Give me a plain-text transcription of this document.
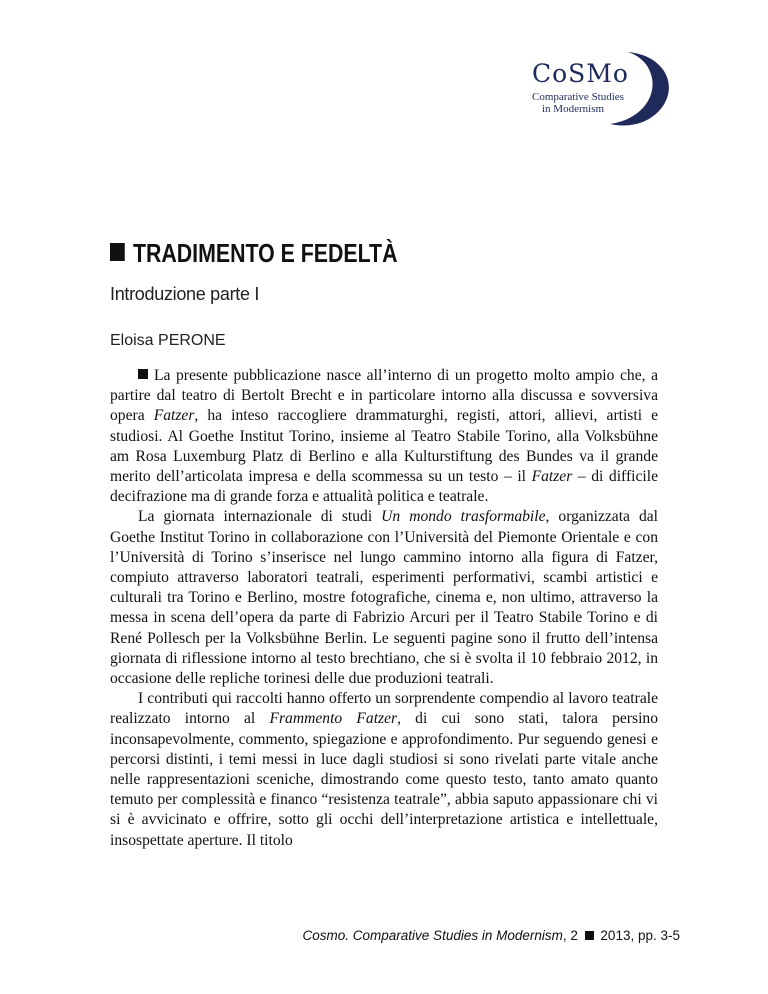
CoSMo
Comparative Studies
in Modernism
TRADIMENTO E FEDELTÀ
Introduzione parte I
Eloisa PERONE

La presente pubblicazione nasce all’interno di un progetto molto ampio che, a partire dal teatro di Bertolt Brecht e in particolare intorno alla discussa e sovversiva opera Fatzer, ha inteso raccogliere drammaturghi, registi, attori, allievi, artisti e studiosi. Al Goethe Institut Torino, insieme al Teatro Stabile Torino, alla Volksbühne am Rosa Luxemburg Platz di Berlino e alla Kulturstiftung des Bundes va il grande merito dell’articolata impresa e della scommessa su un testo – il Fatzer – di difficile decifrazione ma di grande forza e attualità politica e teatrale.

La giornata internazionale di studi Un mondo trasformabile, organizzata dal Goethe Institut Torino in collaborazione con l’Università del Piemonte Orientale e con l’Università di Torino s’inserisce nel lungo cammino intorno alla figura di Fatzer, compiuto attraverso laboratori teatrali, esperimenti performativi, scambi artistici e culturali tra Torino e Berlino, mostre fotografiche, cinema e, non ultimo, attraverso la messa in scena dell’opera da parte di Fabrizio Arcuri per il Teatro Stabile Torino e di René Pollesch per la Volksbühne Berlin. Le seguenti pagine sono il frutto dell’intensa giornata di riflessione intorno al testo brechtiano, che si è svolta il 10 febbraio 2012, in occasione delle repliche torinesi delle due produzioni teatrali.

I contributi qui raccolti hanno offerto un sorprendente compendio al lavoro teatrale realizzato intorno al Frammento Fatzer, di cui sono stati, talora persino inconsapevolmente, commento, spiegazione e approfondimento. Pur seguendo genesi e percorsi distinti, i temi messi in luce dagli studiosi si sono rivelati parte vitale anche nelle rappresentazioni sceniche, dimostrando come questo testo, tanto amato quanto temuto per complessità e financo “resistenza teatrale”, abbia saputo appassionare chi vi si è avvicinato e offrire, sotto gli occhi dell’interpretazione artistica e intellettuale, insospettate aperture. Il titolo

Cosmo. Comparative Studies in Modernism, 2 2013, pp. 3-5
